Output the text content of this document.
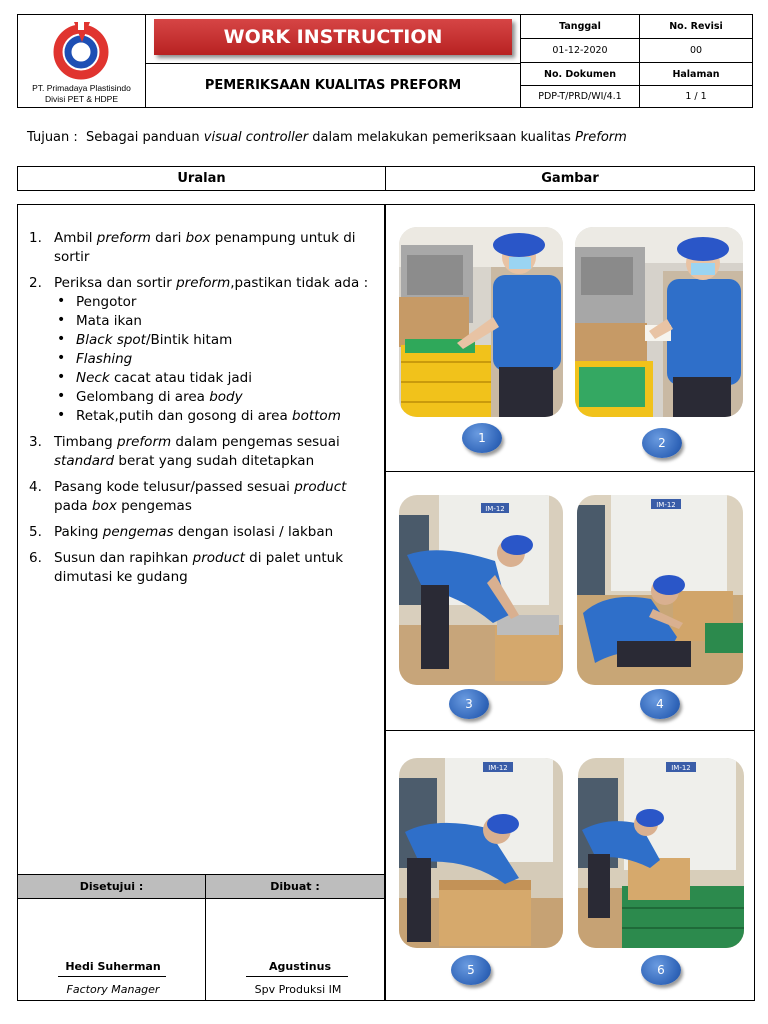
PT. Primadaya Plastisindo
Divisi PET & HDPE
WORK INSTRUCTION
PEMERIKSAAN KUALITAS PREFORM
Tanggal	No. Revisi
01-12-2020	00
No. Dokumen	Halaman
PDP-T/PRD/WI/4.1	1 / 1
Tujuan : Sebagai panduan visual controller dalam melakukan pemeriksaan kualitas Preform
Uralan	Gambar
1. Ambil preform dari box penampung untuk di sortir
2. Periksa dan sortir preform,pastikan tidak ada :
• Pengotor
• Mata ikan
• Black spot/Bintik hitam
• Flashing
• Neck cacat atau tidak jadi
• Gelombang di area body
• Retak,putih dan gosong di area bottom
3. Timbang preform dalam pengemas sesuai standard berat yang sudah ditetapkan
4. Pasang kode telusur/passed sesuai product pada box pengemas
5. Paking pengemas dengan isolasi / lakban
6. Susun dan rapihkan product di palet untuk dimutasi ke gudang
Disetujui :	Dibuat :
Hedi Suherman
Factory Manager
Agustinus
Spv Produksi IM
1	2
IM-12
3
IM-12
4
IM-12
5
IM-12
6
